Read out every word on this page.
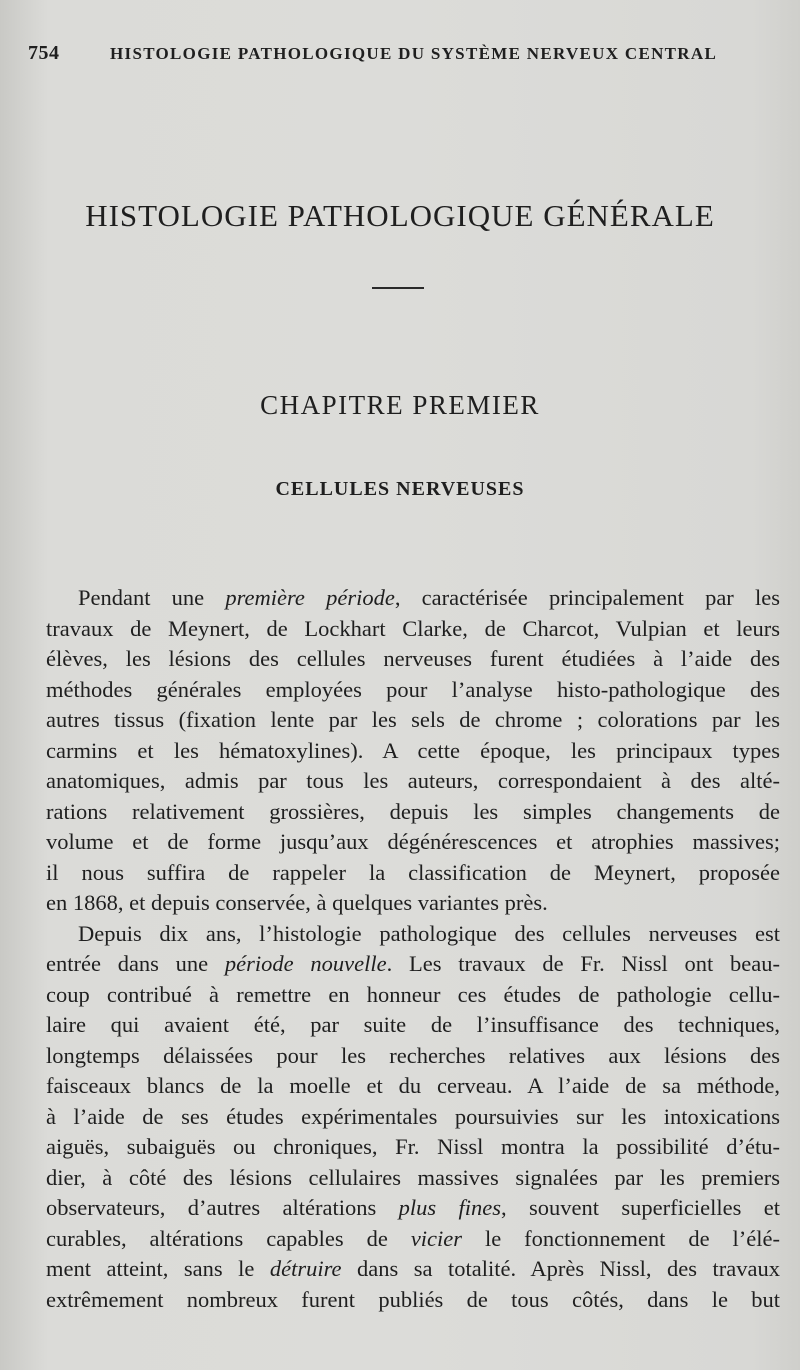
754	HISTOLOGIE PATHOLOGIQUE DU SYSTÈME NERVEUX CENTRAL
HISTOLOGIE PATHOLOGIQUE GÉNÉRALE
CHAPITRE PREMIER
CELLULES NERVEUSES
Pendant une première période, caractérisée principalement par les
travaux de Meynert, de Lockhart Clarke, de Charcot, Vulpian et leurs
élèves, les lésions des cellules nerveuses furent étudiées à l’aide des
méthodes générales employées pour l’analyse histo-pathologique des
autres tissus (fixation lente par les sels de chrome ; colorations par les
carmins et les hématoxylines). A cette époque, les principaux types
anatomiques, admis par tous les auteurs, correspondaient à des alté-
rations relativement grossières, depuis les simples changements de
volume et de forme jusqu’aux dégénérescences et atrophies massives;
il nous suffira de rappeler la classification de Meynert, proposée
en 1868, et depuis conservée, à quelques variantes près.
Depuis dix ans, l’histologie pathologique des cellules nerveuses est
entrée dans une période nouvelle. Les travaux de Fr. Nissl ont beau-
coup contribué à remettre en honneur ces études de pathologie cellu-
laire qui avaient été, par suite de l’insuffisance des techniques,
longtemps délaissées pour les recherches relatives aux lésions des
faisceaux blancs de la moelle et du cerveau. A l’aide de sa méthode,
à l’aide de ses études expérimentales poursuivies sur les intoxications
aiguës, subaiguës ou chroniques, Fr. Nissl montra la possibilité d’étu-
dier, à côté des lésions cellulaires massives signalées par les premiers
observateurs, d’autres altérations plus fines, souvent superficielles et
curables, altérations capables de vicier le fonctionnement de l’élé-
ment atteint, sans le détruire dans sa totalité. Après Nissl, des travaux
extrêmement nombreux furent publiés de tous côtés, dans le but
